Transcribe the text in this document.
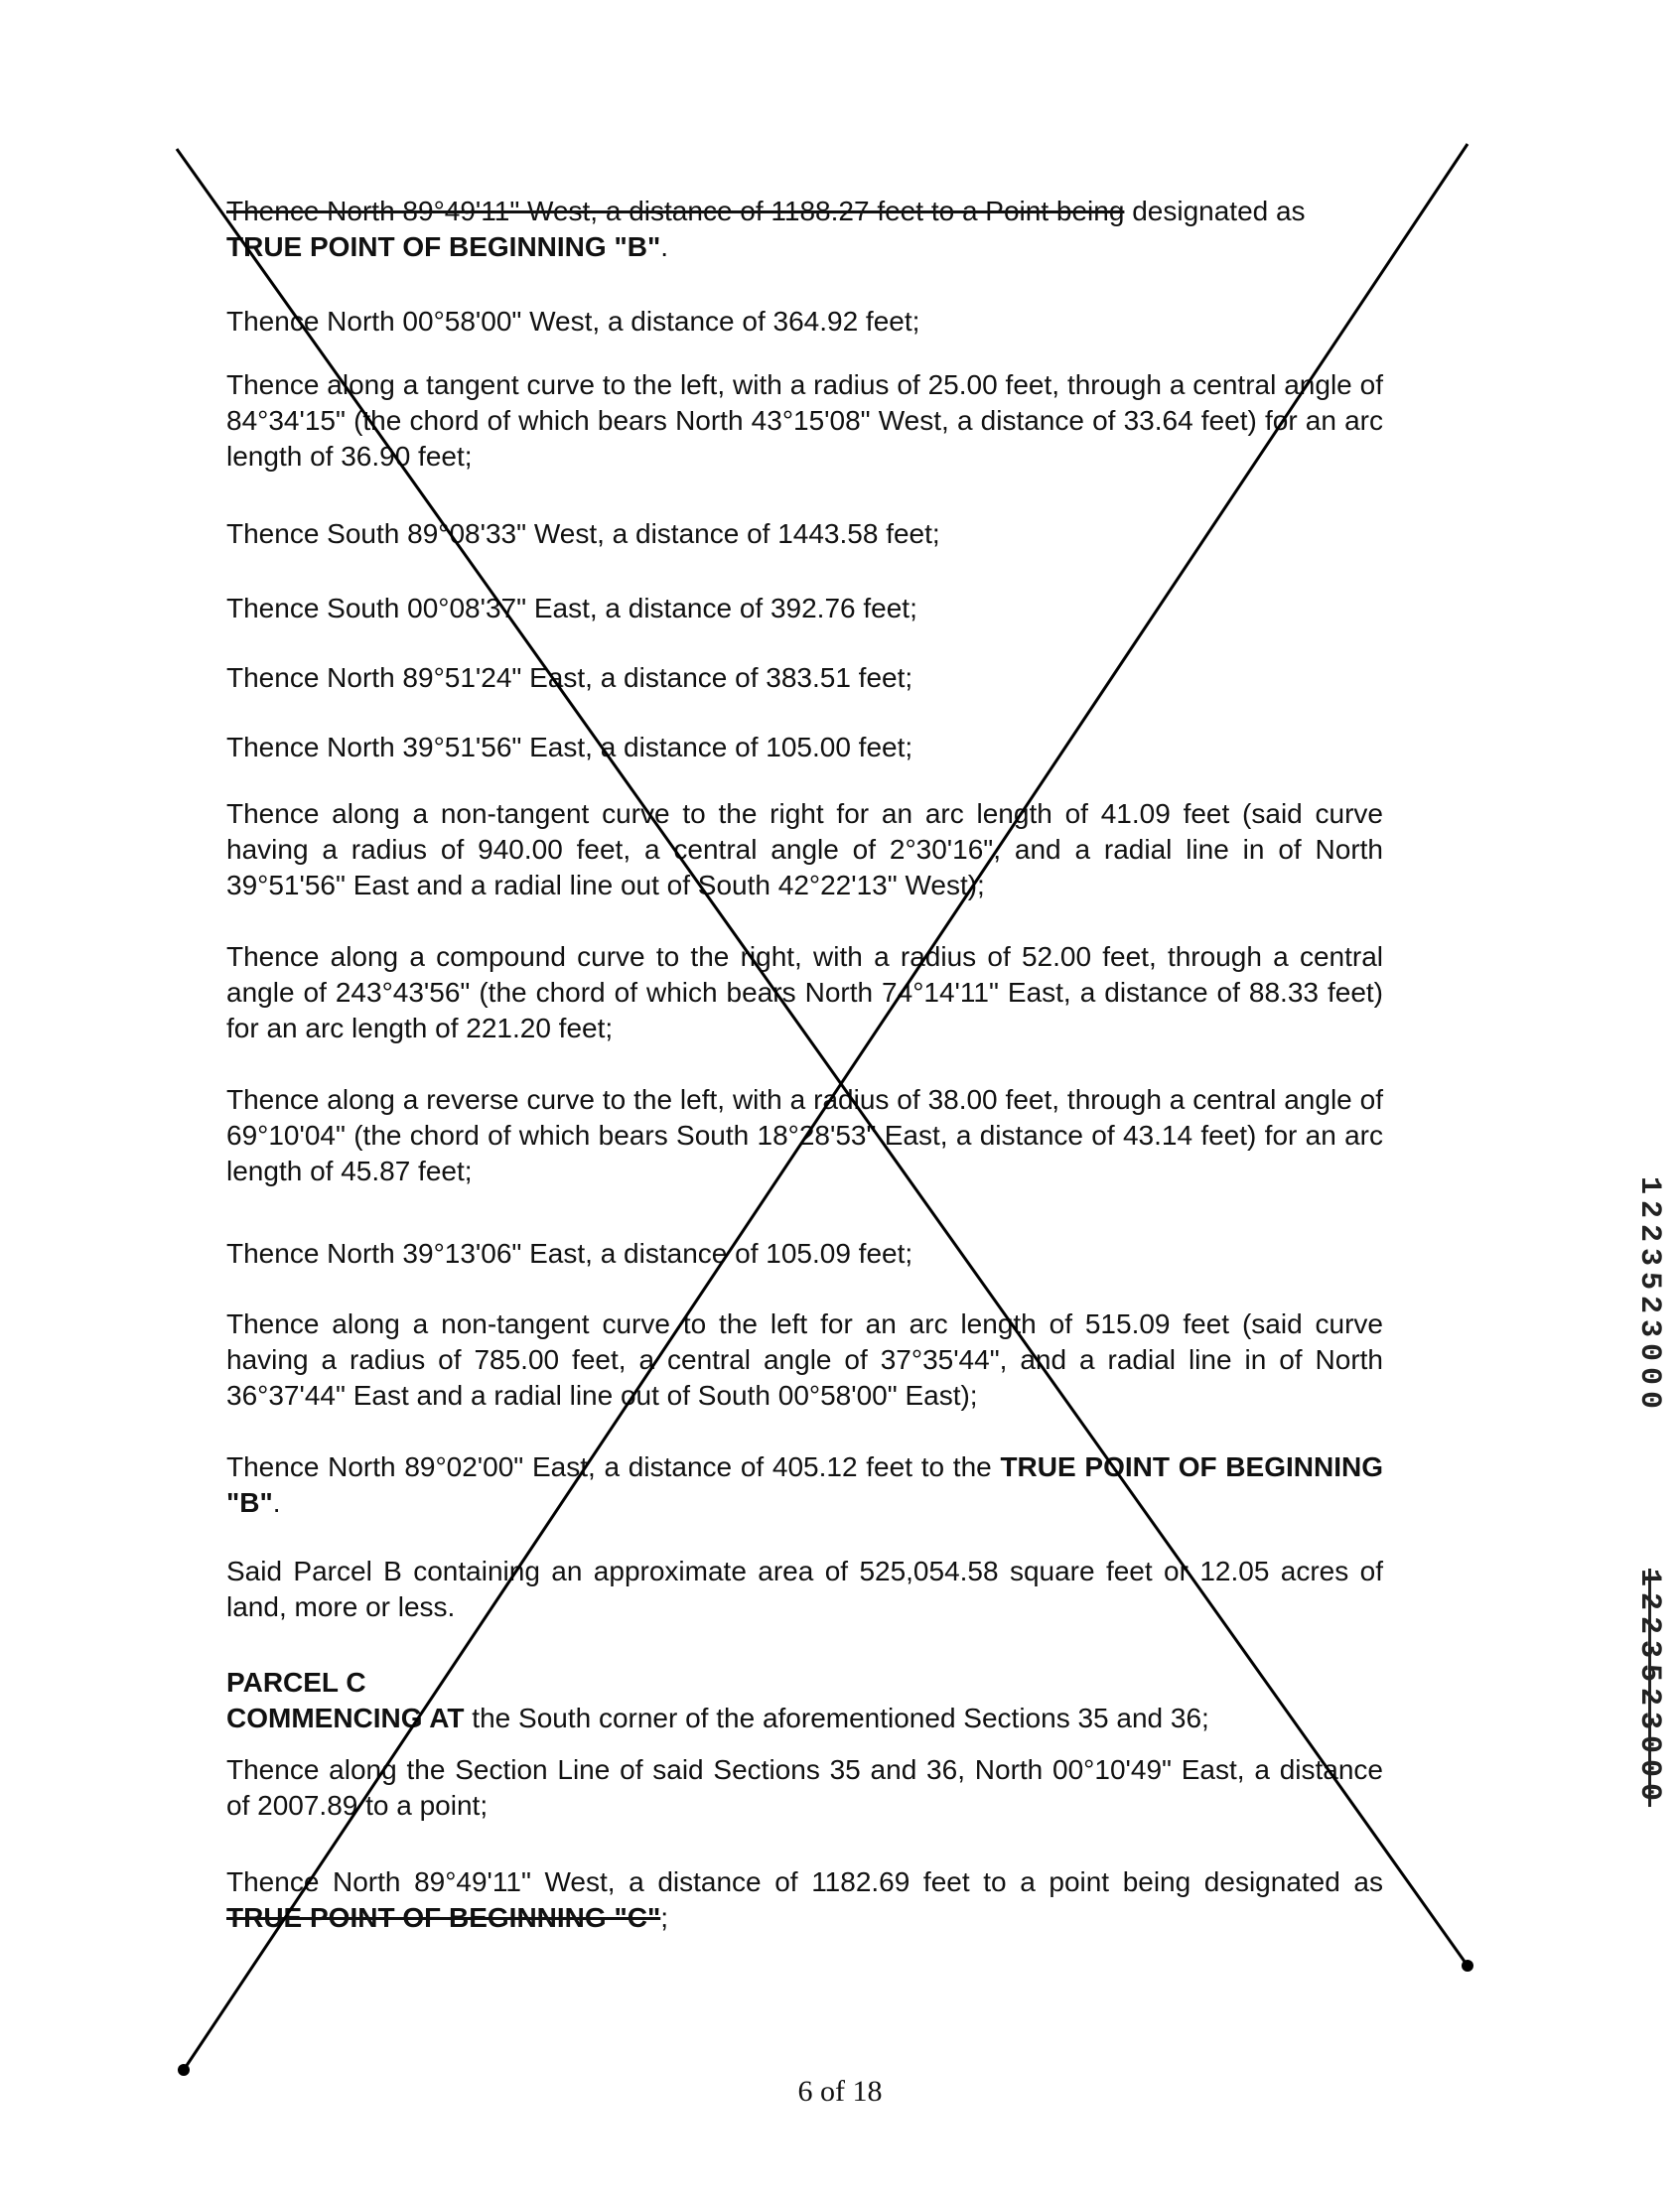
Thence North 89°49'11" West, a distance of 1188.27 feet to a Point being designated as TRUE POINT OF BEGINNING "B".

Thence North 00°58'00" West, a distance of 364.92 feet;

Thence along a tangent curve to the left, with a radius of 25.00 feet, through a central angle of 84°34'15" (the chord of which bears North 43°15'08" West, a distance of 33.64 feet) for an arc length of 36.90 feet;

Thence South 89°08'33" West, a distance of 1443.58 feet;

Thence South 00°08'37" East, a distance of 392.76 feet;

Thence North 89°51'24" East, a distance of 383.51 feet;

Thence North 39°51'56" East, a distance of 105.00 feet;

Thence along a non-tangent curve to the right for an arc length of 41.09 feet (said curve having a radius of 940.00 feet, a central angle of 2°30'16", and a radial line in of North 39°51'56" East and a radial line out of South 42°22'13" West);

Thence along a compound curve to the right, with a radius of 52.00 feet, through a central angle of 243°43'56" (the chord of which bears North 74°14'11" East, a distance of 88.33 feet) for an arc length of 221.20 feet;

Thence along a reverse curve to the left, with a radius of 38.00 feet, through a central angle of 69°10'04" (the chord of which bears South 18°28'53" East, a distance of 43.14 feet) for an arc length of 45.87 feet;

Thence North 39°13'06" East, a distance of 105.09 feet;

Thence along a non-tangent curve to the left for an arc length of 515.09 feet (said curve having a radius of 785.00 feet, a central angle of 37°35'44", and a radial line in of North 36°37'44" East and a radial line out of South 00°58'00" East);

Thence North 89°02'00" East, a distance of 405.12 feet to the TRUE POINT OF BEGINNING "B".

Said Parcel B containing an approximate area of 525,054.58 square feet or 12.05 acres of land, more or less.

PARCEL C
COMMENCING AT the South corner of the aforementioned Sections 35 and 36;

Thence along the Section Line of said Sections 35 and 36, North 00°10'49" East, a distance of 2007.89 to a point;

Thence North 89°49'11" West, a distance of 1182.69 feet to a point being designated as TRUE POINT OF BEGINNING "C";

1223523000
1223523000
6 of 18
